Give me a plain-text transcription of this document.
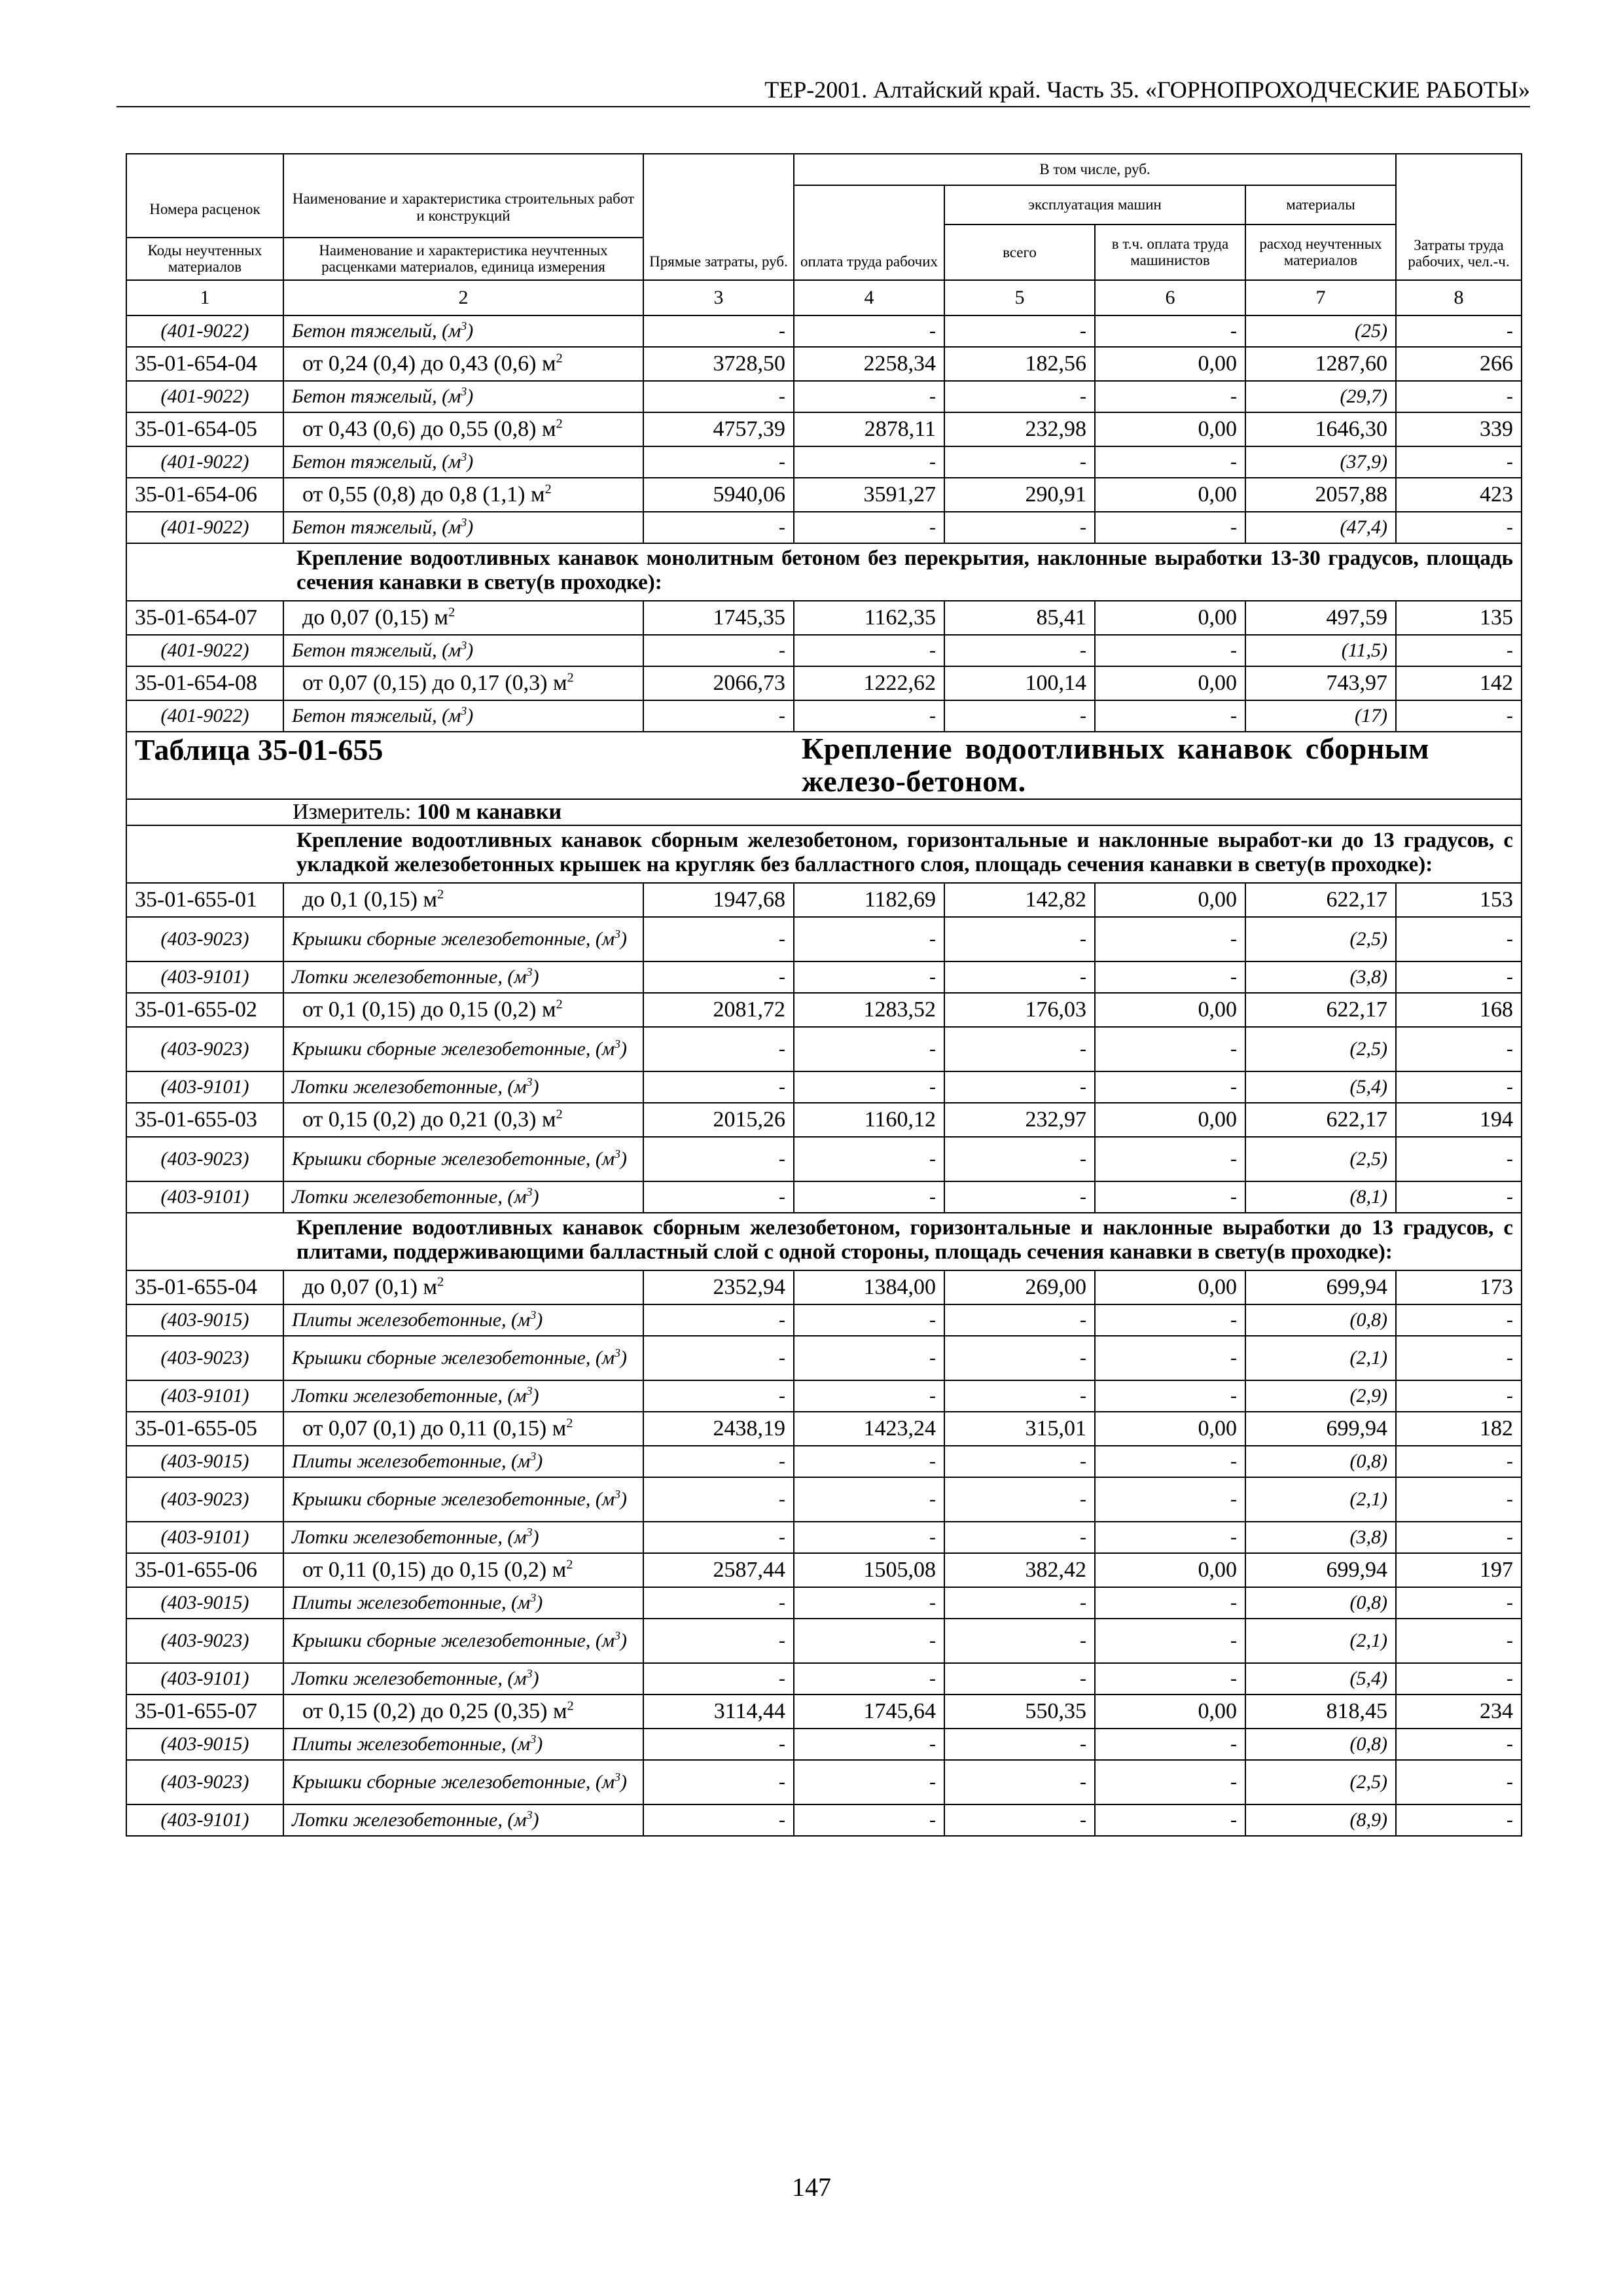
ТЕР-2001. Алтайский край. Часть 35. «ГОРНОПРОХОДЧЕСКИЕ РАБОТЫ»
Номера расценок	Наименование и характеристика строительных работ и конструкций	Прямые затраты, руб.	В том числе, руб.				Затраты труда рабочих, чел.-ч.
			оплата труда рабочих	эксплуатация машин		материалы	
				всего	в т.ч. оплата труда машинистов	расход неучтенных материалов	
Коды неучтенных материалов	Наименование и характеристика неучтенных расценками материалов, единица измерения						

1	2	3	4	5	6	7	8
(401-9022)	Бетон тяжелый, $(м^3)$	-	-	-	-	(25)	-
35-01-654-04	от 0,24 (0,4) до 0,43 (0,6) $м^2$	3728,50	2258,34	182,56	0,00	1287,60	266
(401-9022)	Бетон тяжелый, $(м^3)$	-	-	-	-	(29,7)	-
35-01-654-05	от 0,43 (0,6) до 0,55 (0,8) $м^2$	4757,39	2878,11	232,98	0,00	1646,30	339
(401-9022)	Бетон тяжелый, $(м^3)$	-	-	-	-	(37,9)	-
35-01-654-06	от 0,55 (0,8) до 0,8 (1,1) $м^2$	5940,06	3591,27	290,91	0,00	2057,88	423
(401-9022)	Бетон тяжелый, $(м^3)$	-	-	-	-	(47,4)	-
	Крепление водоотливных канавок монолитным бетоном без перекрытия, наклонные выработки 13-30 градусов, площадь сечения канавки в свету(в проходке):						
35-01-654-07	до 0,07 (0,15) $м^2$	1745,35	1162,35	85,41	0,00	497,59	135
(401-9022)	Бетон тяжелый, $(м^3)$	-	-	-	-	(11,5)	-
35-01-654-08	от 0,07 (0,15) до 0,17 (0,3) $м^2$	2066,73	1222,62	100,14	0,00	743,97	142
(401-9022)	Бетон тяжелый, $(м^3)$	-	-	-	-	(17)	-
Таблица 35-01-655			Крепление водоотливных канавок сборным железо-бетоном.				
	Измеритель: 100 м канавки						
	Крепление водоотливных канавок сборным железобетоном, горизонтальные и наклонные выработ-ки до 13 градусов, с укладкой железобетонных крышек на кругляк без балластного слоя, площадь сечения канавки в свету(в проходке):						
35-01-655-01	до 0,1 (0,15) $м^2$	1947,68	1182,69	142,82	0,00	622,17	153
(403-9023)	Крышки сборные железобетонные, $(м^3)$	-	-	-	-	(2,5)	-
(403-9101)	Лотки железобетонные, $(м^3)$	-	-	-	-	(3,8)	-
35-01-655-02	от 0,1 (0,15) до 0,15 (0,2) $м^2$	2081,72	1283,52	176,03	0,00	622,17	168
(403-9023)	Крышки сборные железобетонные, $(м^3)$	-	-	-	-	(2,5)	-
(403-9101)	Лотки железобетонные, $(м^3)$	-	-	-	-	(5,4)	-
35-01-655-03	от 0,15 (0,2) до 0,21 (0,3) $м^2$	2015,26	1160,12	232,97	0,00	622,17	194
(403-9023)	Крышки сборные железобетонные, $(м^3)$	-	-	-	-	(2,5)	-
(403-9101)	Лотки железобетонные, $(м^3)$	-	-	-	-	(8,1)	-
	Крепление водоотливных канавок сборным железобетоном, горизонтальные и наклонные выработки до 13 градусов, с плитами, поддерживающими балластный слой с одной стороны, площадь сечения канавки в свету(в проходке):						
35-01-655-04	до 0,07 (0,1) $м^2$	2352,94	1384,00	269,00	0,00	699,94	173
(403-9015)	Плиты железобетонные, $(м^3)$	-	-	-	-	(0,8)	-
(403-9023)	Крышки сборные железобетонные, $(м^3)$	-	-	-	-	(2,1)	-
(403-9101)	Лотки железобетонные, $(м^3)$	-	-	-	-	(2,9)	-
35-01-655-05	от 0,07 (0,1) до 0,11 (0,15) $м^2$	2438,19	1423,24	315,01	0,00	699,94	182
(403-9015)	Плиты железобетонные, $(м^3)$	-	-	-	-	(0,8)	-
(403-9023)	Крышки сборные железобетонные, $(м^3)$	-	-	-	-	(2,1)	-
(403-9101)	Лотки железобетонные, $(м^3)$	-	-	-	-	(3,8)	-
35-01-655-06	от 0,11 (0,15) до 0,15 (0,2) $м^2$	2587,44	1505,08	382,42	0,00	699,94	197
(403-9015)	Плиты железобетонные, $(м^3)$	-	-	-	-	(0,8)	-
(403-9023)	Крышки сборные железобетонные, $(м^3)$	-	-	-	-	(2,1)	-
(403-9101)	Лотки железобетонные, $(м^3)$	-	-	-	-	(5,4)	-
35-01-655-07	от 0,15 (0,2) до 0,25 (0,35) $м^2$	3114,44	1745,64	550,35	0,00	818,45	234
(403-9015)	Плиты железобетонные, $(м^3)$	-	-	-	-	(0,8)	-
(403-9023)	Крышки сборные железобетонные, $(м^3)$	-	-	-	-	(2,5)	-
(403-9101)	Лотки железобетонные, $(м^3)$	-	-	-	-	(8,9)	-
147
